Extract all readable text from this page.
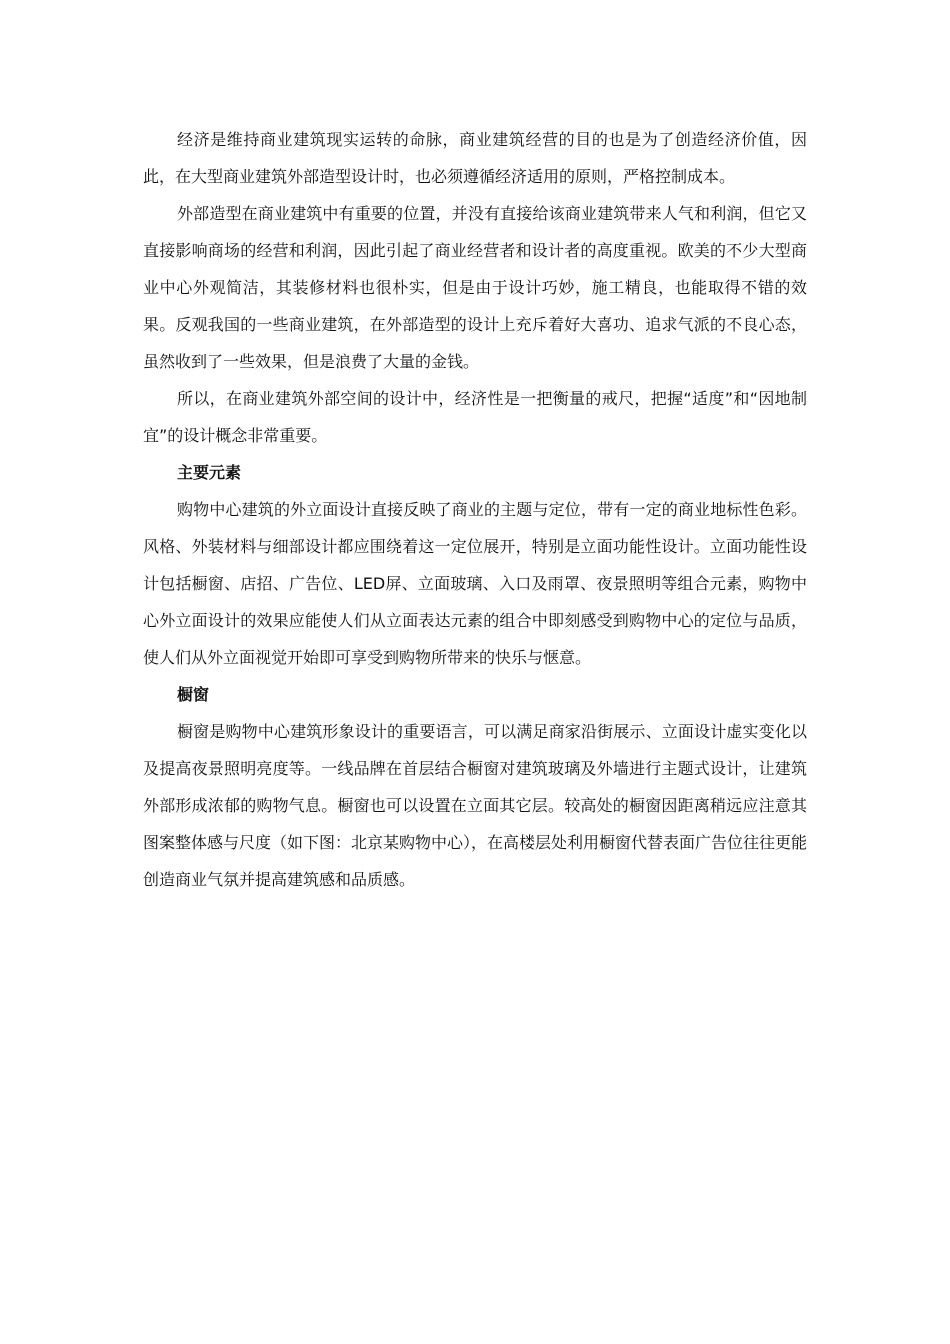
经济是维持商业建筑现实运转的命脉，商业建筑经营的目的也是为了创造经济价值，因此，在大型商业建筑外部造型设计时，也必须遵循经济适用的原则，严格控制成本。

外部造型在商业建筑中有重要的位置，并没有直接给该商业建筑带来人气和利润，但它又直接影响商场的经营和利润，因此引起了商业经营者和设计者的高度重视。欧美的不少大型商业中心外观简洁，其装修材料也很朴实，但是由于设计巧妙，施工精良，也能取得不错的效果。反观我国的一些商业建筑，在外部造型的设计上充斥着好大喜功、追求气派的不良心态，虽然收到了一些效果，但是浪费了大量的金钱。

所以，在商业建筑外部空间的设计中，经济性是一把衡量的戒尺，把握“适度”和“因地制宜”的设计概念非常重要。

主要元素

购物中心建筑的外立面设计直接反映了商业的主题与定位，带有一定的商业地标性色彩。风格、外装材料与细部设计都应围绕着这一定位展开，特别是立面功能性设计。立面功能性设计包括橱窗、店招、广告位、LED屏、立面玻璃、入口及雨罩、夜景照明等组合元素，购物中心外立面设计的效果应能使人们从立面表达元素的组合中即刻感受到购物中心的定位与品质，使人们从外立面视觉开始即可享受到购物所带来的快乐与惬意。

橱窗

橱窗是购物中心建筑形象设计的重要语言，可以满足商家沿街展示、立面设计虚实变化以及提高夜景照明亮度等。一线品牌在首层结合橱窗对建筑玻璃及外墙进行主题式设计，让建筑外部形成浓郁的购物气息。橱窗也可以设置在立面其它层。较高处的橱窗因距离稍远应注意其图案整体感与尺度（如下图：北京某购物中心），在高楼层处利用橱窗代替表面广告位往往更能创造商业气氛并提高建筑感和品质感。
